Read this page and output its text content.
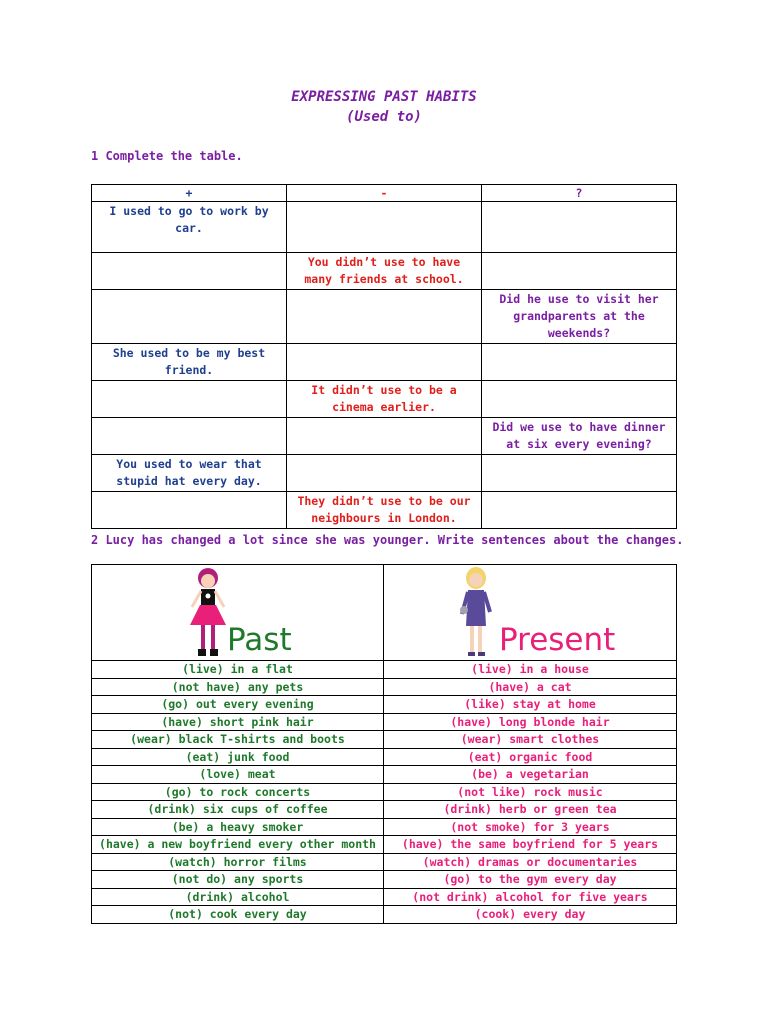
EXPRESSING PAST HABITS
(Used to)
1 Complete the table.
+	-	?
I used to go to work by car.		
	You didn’t use to have many friends at school.	
		Did he use to visit her grandparents at the weekends?
She used to be my best friend.		
	It didn’t use to be a cinema earlier.	
		Did we use to have dinner at six every evening?
You used to wear that stupid hat every day.		
	They didn’t use to be our neighbours in London.	
2 Lucy has changed a lot since she was younger. Write sentences about the changes.
Past	Present

(live) in a flat	(live) in a house
(not have) any pets	(have) a cat
(go) out every evening	(like) stay at home
(have) short pink hair	(have) long blonde hair
(wear) black T-shirts and boots	(wear) smart clothes
(eat) junk food	(eat) organic food
(love) meat	(be) a vegetarian
(go) to rock concerts	(not like) rock music
(drink) six cups of coffee	(drink) herb or green tea
(be) a heavy smoker	(not smoke) for 3 years
(have) a new boyfriend every other month	(have) the same boyfriend for 5 years
(watch) horror films	(watch) dramas or documentaries
(not do) any sports	(go) to the gym every day
(drink) alcohol	(not drink) alcohol for five years
(not) cook every day	(cook) every day
